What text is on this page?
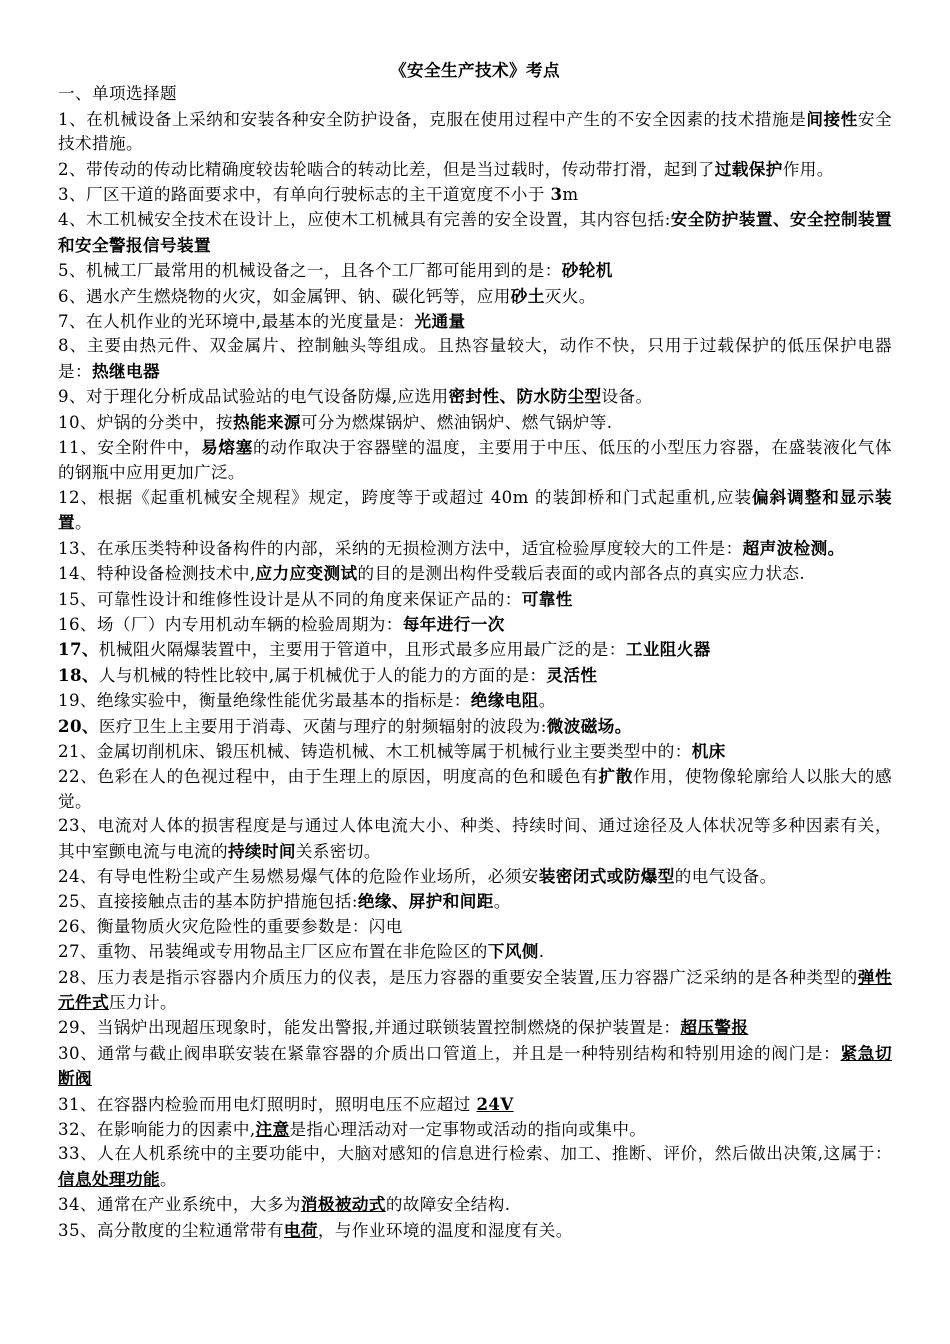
《安全生产技术》考点

一、单项选择题

1、在机械设备上采纳和安装各种安全防护设备，克服在使用过程中产生的不安全因素的技术措施是间接性安全技术措施。

2、带传动的传动比精确度较齿轮啮合的转动比差，但是当过载时，传动带打滑，起到了过载保护作用。

3、厂区干道的路面要求中，有单向行驶标志的主干道宽度不小于 3m

4、木工机械安全技术在设计上，应使木工机械具有完善的安全设置，其内容包括:安全防护装置、安全控制装置和安全警报信号装置

5、机械工厂最常用的机械设备之一，且各个工厂都可能用到的是：砂轮机

6、遇水产生燃烧物的火灾，如金属钾、钠、碳化钙等，应用砂土灭火。

7、在人机作业的光环境中,最基本的光度量是：光通量

8、主要由热元件、双金属片、控制触头等组成。且热容量较大，动作不快，只用于过载保护的低压保护电器是：热继电器

9、对于理化分析成品试验站的电气设备防爆,应选用密封性、防水防尘型设备。

10、炉锅的分类中，按热能来源可分为燃煤锅炉、燃油锅炉、燃气锅炉等.

11、安全附件中，易熔塞的动作取决于容器壁的温度，主要用于中压、低压的小型压力容器，在盛装液化气体的钢瓶中应用更加广泛。

12、根据《起重机械安全规程》规定，跨度等于或超过 40m 的装卸桥和门式起重机,应装偏斜调整和显示装置。

13、在承压类特种设备构件的内部，采纳的无损检测方法中，适宜检验厚度较大的工件是：超声波检测。

14、特种设备检测技术中,应力应变测试的目的是测出构件受载后表面的或内部各点的真实应力状态.

15、可靠性设计和维修性设计是从不同的角度来保证产品的：可靠性

16、场（厂）内专用机动车辆的检验周期为：每年进行一次

17、机械阻火隔爆装置中，主要用于管道中，且形式最多应用最广泛的是：工业阻火器

18、人与机械的特性比较中,属于机械优于人的能力的方面的是：灵活性

19、绝缘实验中，衡量绝缘性能优劣最基本的指标是：绝缘电阻。

20、医疗卫生上主要用于消毒、灭菌与理疗的射频辐射的波段为:微波磁场。

21、金属切削机床、锻压机械、铸造机械、木工机械等属于机械行业主要类型中的：机床

22、色彩在人的色视过程中，由于生理上的原因，明度高的色和暖色有扩散作用，使物像轮廓给人以胀大的感觉。

23、电流对人体的损害程度是与通过人体电流大小、种类、持续时间、通过途径及人体状况等多种因素有关，其中室颤电流与电流的持续时间关系密切。

24、有导电性粉尘或产生易燃易爆气体的危险作业场所，必须安装密闭式或防爆型的电气设备。

25、直接接触点击的基本防护措施包括:绝缘、屏护和间距。

26、衡量物质火灾危险性的重要参数是：闪电

27、重物、吊装绳或专用物品主厂区应布置在非危险区的下风侧.

28、压力表是指示容器内介质压力的仪表，是压力容器的重要安全装置,压力容器广泛采纳的是各种类型的弹性元件式压力计。

29、当锅炉出现超压现象时，能发出警报,并通过联锁装置控制燃烧的保护装置是：超压警报

30、通常与截止阀串联安装在紧靠容器的介质出口管道上，并且是一种特别结构和特别用途的阀门是：紧急切断阀

31、在容器内检验而用电灯照明时，照明电压不应超过 24V

32、在影响能力的因素中,注意是指心理活动对一定事物或活动的指向或集中。

33、人在人机系统中的主要功能中，大脑对感知的信息进行检索、加工、推断、评价，然后做出决策,这属于：信息处理功能。

34、通常在产业系统中，大多为消极被动式的故障安全结构.

35、高分散度的尘粒通常带有电荷，与作业环境的温度和湿度有关。
